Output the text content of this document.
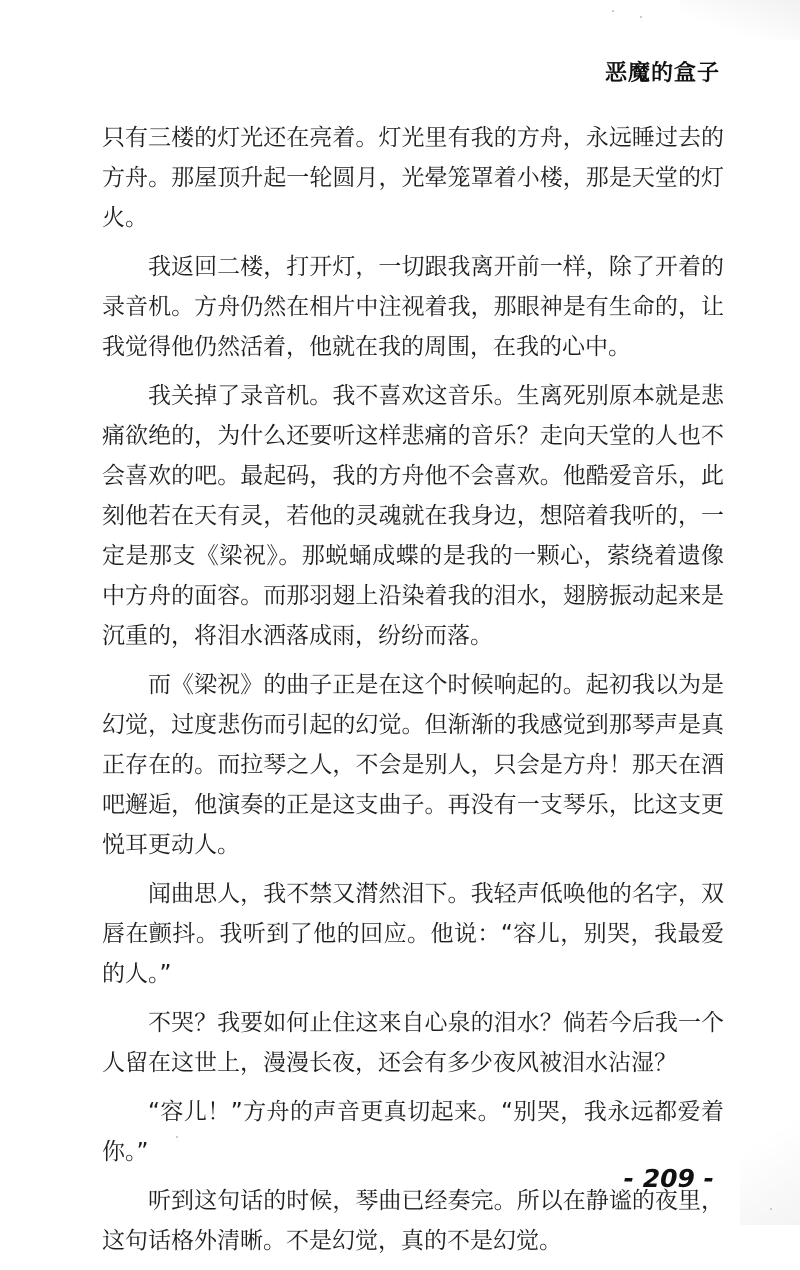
恶魔的盒子

只有三楼的灯光还在亮着。灯光里有我的方舟，永远睡过去的方舟。那屋顶升起一轮圆月，光晕笼罩着小楼，那是天堂的灯火。

我返回二楼，打开灯，一切跟我离开前一样，除了开着的录音机。方舟仍然在相片中注视着我，那眼神是有生命的，让我觉得他仍然活着，他就在我的周围，在我的心中。

我关掉了录音机。我不喜欢这音乐。生离死别原本就是悲痛欲绝的，为什么还要听这样悲痛的音乐？走向天堂的人也不会喜欢的吧。最起码，我的方舟他不会喜欢。他酷爱音乐，此刻他若在天有灵，若他的灵魂就在我身边，想陪着我听的，一定是那支《梁祝》。那蜕蛹成蝶的是我的一颗心，萦绕着遗像中方舟的面容。而那羽翅上沿染着我的泪水，翅膀振动起来是沉重的，将泪水洒落成雨，纷纷而落。

而《梁祝》的曲子正是在这个时候响起的。起初我以为是幻觉，过度悲伤而引起的幻觉。但渐渐的我感觉到那琴声是真正存在的。而拉琴之人，不会是别人，只会是方舟！那天在酒吧邂逅，他演奏的正是这支曲子。再没有一支琴乐，比这支更悦耳更动人。

闻曲思人，我不禁又潸然泪下。我轻声低唤他的名字，双唇在颤抖。我听到了他的回应。他说：“容儿，别哭，我最爱的人。”

不哭？我要如何止住这来自心泉的泪水？倘若今后我一个人留在这世上，漫漫长夜，还会有多少夜风被泪水沾湿？

“容儿！”方舟的声音更真切起来。“别哭，我永远都爱着你。”

听到这句话的时候，琴曲已经奏完。所以在静谧的夜里，这句话格外清晰。不是幻觉，真的不是幻觉。

- 209 -
